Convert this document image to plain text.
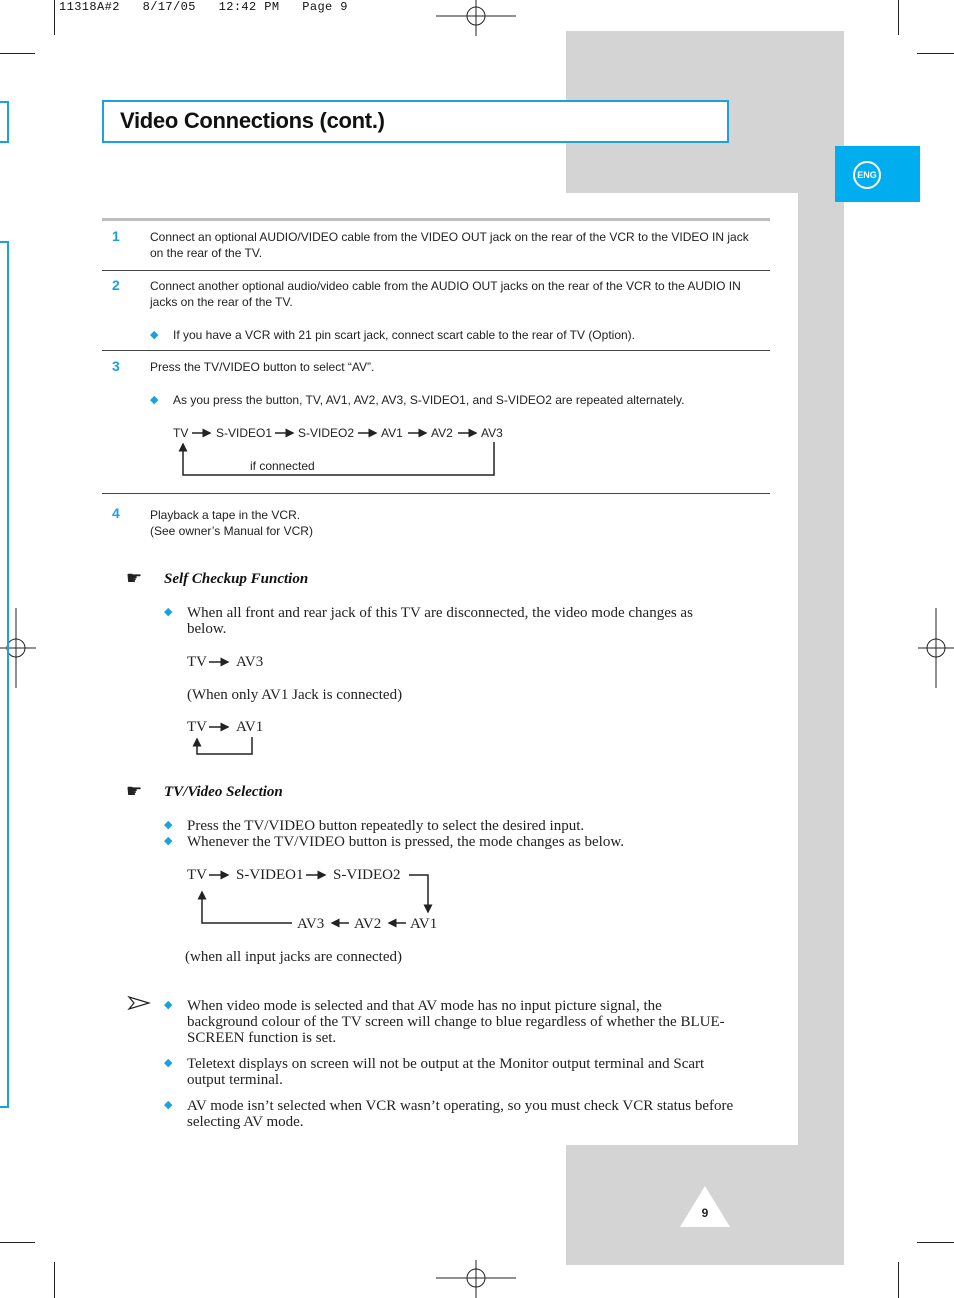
11318A#2   8/17/05   12:42 PM   Page 9
Video Connections (cont.)
ENG
1	Connect an optional AUDIO/VIDEO cable from the VIDEO OUT jack on the rear of the VCR to the VIDEO IN jack on the rear of the TV.
2	Connect another optional audio/video cable from the AUDIO OUT jacks on the rear of the VCR to the AUDIO IN jacks on the rear of the TV.
◆ If you have a VCR with 21 pin scart jack, connect scart cable to the rear of TV (Option).
3	Press the TV/VIDEO button to select “AV”.
◆ As you press the button, TV, AV1, AV2, AV3, S-VIDEO1, and S-VIDEO2 are repeated alternately.
TV S-VIDEO1 S-VIDEO2 AV1 AV2 AV3
if connected
4	Playback a tape in the VCR.
(See owner’s Manual for VCR)
☛ Self Checkup Function
◆ When all front and rear jack of this TV are disconnected, the video mode changes as
below.
TV AV3
(When only AV1 Jack is connected)
TV AV1
☛ TV/Video Selection
◆ Press the TV/VIDEO button repeatedly to select the desired input.
◆ Whenever the TV/VIDEO button is pressed, the mode changes as below.
TV S-VIDEO1 S-VIDEO2
AV3 AV2 AV1
(when all input jacks are connected)
◆ When video mode is selected and that AV mode has no input picture signal, the
background colour of the TV screen will change to blue regardless of whether the BLUE-
SCREEN function is set.
◆ Teletext displays on screen will not be output at the Monitor output terminal and Scart
output terminal.
◆ AV mode isn’t selected when VCR wasn’t operating, so you must check VCR status before
selecting AV mode.
9
